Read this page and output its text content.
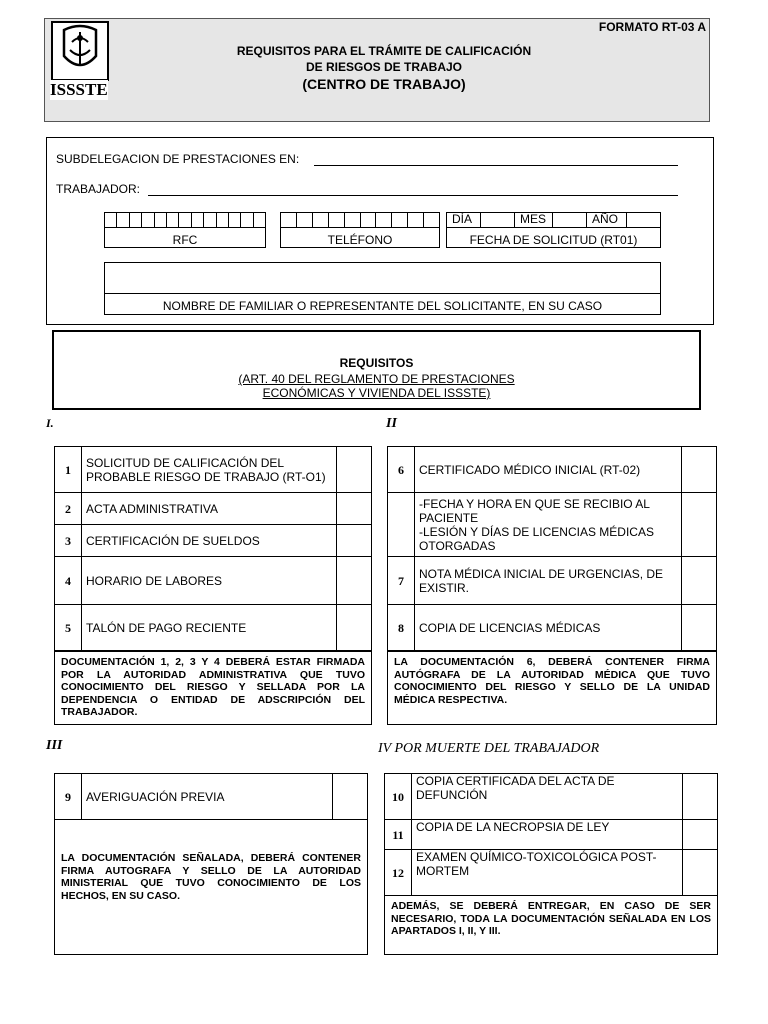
ISSSTE
FORMATO RT-03 A
REQUISITOS PARA EL TRÁMITE DE CALIFICACIÓN
DE RIESGOS DE TRABAJO
(CENTRO DE TRABAJO)
SUBDELEGACION DE PRESTACIONES EN:
TRABAJADOR:
RFC	TELÉFONO
DÍA	MES	AÑO
FECHA DE SOLICITUD (RT01)
NOMBRE DE FAMILIAR O REPRESENTANTE DEL SOLICITANTE, EN SU CASO
REQUISITOS
(ART. 40 DEL REGLAMENTO DE PRESTACIONES
ECONÓMICAS Y VIVIENDA DEL ISSSTE)
I.
1	SOLICITUD DE CALIFICACIÓN DEL PROBABLE RIESGO DE TRABAJO (RT-O1)	
2	ACTA ADMINISTRATIVA	
3	CERTIFICACIÓN DE SUELDOS	
4	HORARIO DE LABORES	
5	TALÓN DE PAGO RECIENTE	
DOCUMENTACIÓN 1, 2, 3 Y 4 DEBERÁ ESTAR FIRMADA POR LA AUTORIDAD ADMINISTRATIVA QUE TUVO CONOCIMIENTO DEL RIESGO Y SELLADA POR LA DEPENDENCIA O ENTIDAD DE ADSCRIPCIÓN DEL TRABAJADOR.
II
6	CERTIFICADO MÉDICO INICIAL (RT-02)	

	-FECHA Y HORA EN QUE SE RECIBIO AL PACIENTE
-LESIÓN Y DÍAS DE LICENCIAS MÉDICAS OTORGADAS	

7	NOTA MÉDICA INICIAL DE URGENCIAS, DE EXISTIR.	
8	COPIA DE LICENCIAS MÉDICAS	
LA DOCUMENTACIÓN 6, DEBERÁ CONTENER FIRMA AUTÓGRAFA DE LA AUTORIDAD MÉDICA QUE TUVO CONOCIMIENTO DEL RIESGO Y SELLO DE LA UNIDAD MÉDICA RESPECTIVA.
III
9	AVERIGUACIÓN PREVIA	
LA DOCUMENTACIÓN SEÑALADA, DEBERÁ CONTENER FIRMA AUTOGRAFA Y SELLO DE LA AUTORIDAD MINISTERIAL QUE TUVO CONOCIMIENTO DE LOS HECHOS, EN SU CASO.
IV POR MUERTE DEL TRABAJADOR
10	COPIA CERTIFICADA DEL ACTA DE DEFUNCIÓN	
11	COPIA DE LA NECROPSIA DE LEY	
12	EXAMEN QUÍMICO-TOXICOLÓGICA POST-MORTEM	
ADEMÁS, SE DEBERÁ ENTREGAR, EN CASO DE SER NECESARIO, TODA LA DOCUMENTACIÓN SEÑALADA EN LOS APARTADOS I, II, Y III.
